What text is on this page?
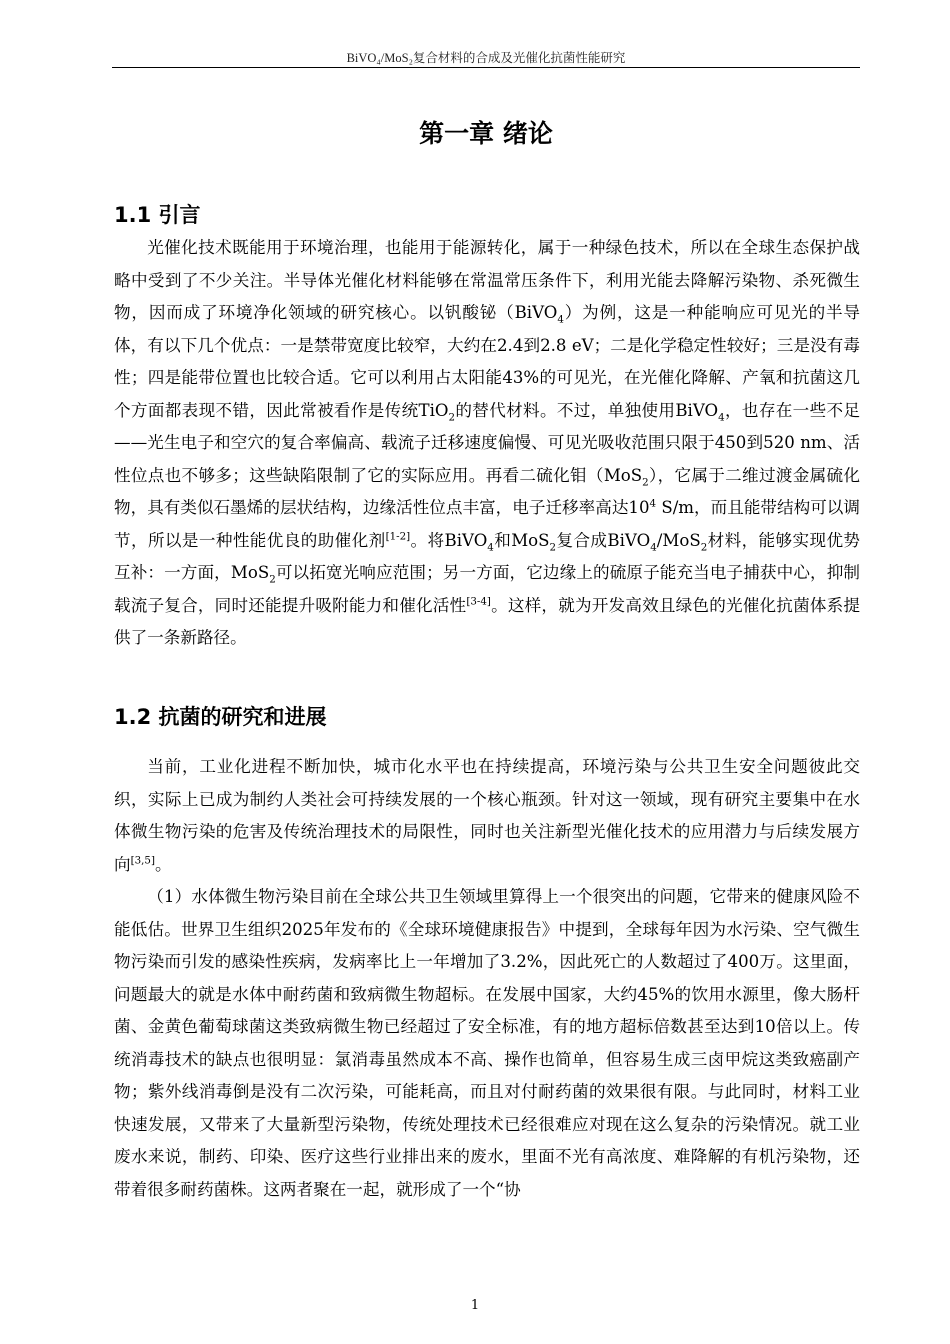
BiVO₄/MoS₂复合材料的合成及光催化抗菌性能研究
第一章 绪论
1.1 引言

光催化技术既能用于环境治理，也能用于能源转化，属于一种绿色技术，所以在全球生态保护战略中受到了不少关注。半导体光催化材料能够在常温常压条件下，利用光能去降解污染物、杀死微生物，因而成了环境净化领域的研究核心。以钒酸铋（BiVO$_4$）为例，这是一种能响应可见光的半导体，有以下几个优点：一是禁带宽度比较窄，大约在2.4到2.8 eV；二是化学稳定性较好；三是没有毒性；四是能带位置也比较合适。它可以利用占太阳能43%的可见光，在光催化降解、产氧和抗菌这几个方面都表现不错，因此常被看作是传统TiO$_2$的替代材料。不过，单独使用BiVO$_4$，也存在一些不足——光生电子和空穴的复合率偏高、载流子迁移速度偏慢、可见光吸收范围只限于450到520 nm、活性位点也不够多；这些缺陷限制了它的实际应用。再看二硫化钼（MoS$_2$），它属于二维过渡金属硫化物，具有类似石墨烯的层状结构，边缘活性位点丰富，电子迁移率高达$10^4$ S/m，而且能带结构可以调节，所以是一种性能优良的助催化剂[1-2]。将BiVO$_4$和MoS$_2$复合成BiVO$_4$/MoS$_2$材料，能够实现优势互补：一方面，MoS$_2$可以拓宽光响应范围；另一方面，它边缘上的硫原子能充当电子捕获中心，抑制载流子复合，同时还能提升吸附能力和催化活性[3-4]。这样，就为开发高效且绿色的光催化抗菌体系提供了一条新路径。

1.2 抗菌的研究和进展

当前，工业化进程不断加快，城市化水平也在持续提高，环境污染与公共卫生安全问题彼此交织，实际上已成为制约人类社会可持续发展的一个核心瓶颈。针对这一领域，现有研究主要集中在水体微生物污染的危害及传统治理技术的局限性，同时也关注新型光催化技术的应用潜力与后续发展方向[3,5]。

（1）水体微生物污染目前在全球公共卫生领域里算得上一个很突出的问题，它带来的健康风险不能低估。世界卫生组织2025年发布的《全球环境健康报告》中提到，全球每年因为水污染、空气微生物污染而引发的感染性疾病，发病率比上一年增加了3.2%，因此死亡的人数超过了400万。这里面，问题最大的就是水体中耐药菌和致病微生物超标。在发展中国家，大约45%的饮用水源里，像大肠杆菌、金黄色葡萄球菌这类致病微生物已经超过了安全标准，有的地方超标倍数甚至达到10倍以上。传统消毒技术的缺点也很明显：氯消毒虽然成本不高、操作也简单，但容易生成三卤甲烷这类致癌副产物；紫外线消毒倒是没有二次污染，可能耗高，而且对付耐药菌的效果很有限。与此同时，材料工业快速发展，又带来了大量新型污染物，传统处理技术已经很难应对现在这么复杂的污染情况。就工业废水来说，制药、印染、医疗这些行业排出来的废水，里面不光有高浓度、难降解的有机污染物，还带着很多耐药菌株。这两者聚在一起，就形成了一个“协

1
